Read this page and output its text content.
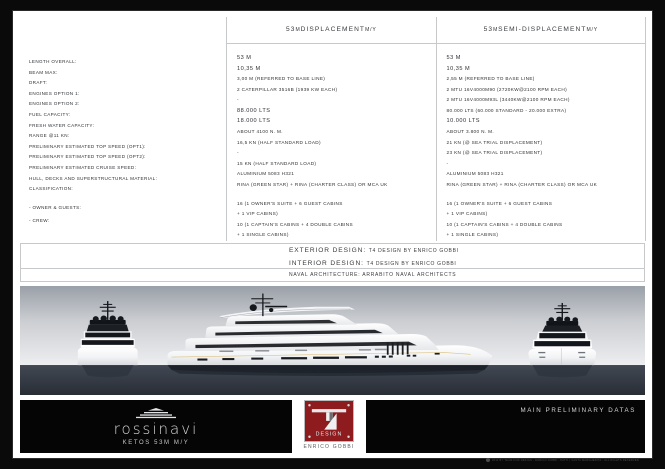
LENGTH OVERALL:
BEAM MAX:
DRAFT:
ENGINES OPTION 1:
ENGINES OPTION 2:
FUEL CAPACITY:
FRESH WATER CAPACITY:
RANGE @11 KN:
PRELIMINARY ESTIMATED TOP SPEED (OPT1):
PRELIMINARY ESTIMATED TOP SPEED (OPT2):
PRELIMINARY ESTIMATED CRUISE SPEED:
HULL, DECKS AND SUPERSTRUCTURAL MATERIAL:
CLASSIFICATION:
- OWNER & GUESTS:
- CREW:
53 M DISPLACEMENT M/Y
53 M
10,35 M
3,00 M (REFERRED TO BASE LINE)
2 CATERPILLAR 3516B (1939 KW EACH)
-
88.000 LTS
18.000 LTS
ABOUT 4100 N. M.
16,5 KN (HALF STANDARD LOAD)
-
15 KN (HALF STANDARD LOAD)
ALUMINIUM 5083 H321
RINA (GREEN STAR) + RINA (CHARTER CLASS) OR MCA UK
16 (1 OWNER'S SUITE + 6 GUEST CABINS
+ 1 VIP CABINS)
10 (1 CAPTAIN'S CABINS + 4 DOUBLE CABINS
+ 1 SINGLE CABINS)
53 M SEMI-DISPLACEMENT M/Y
53 M
10,35 M
2,55 M (REFERRED TO BASE LINE)
2 MTU 16V4000M90 (2720KW@2100 RPM EACH)
2 MTU 16V4000M93L (3440KW@2100 RPM EACH)
80.000 LTS (60.000 STANDARD - 20.000 EXTRA)
10.000 LTS
ABOUT 3.800 N. M.
21 KN (@ SEA TRIAL DISPLACEMENT)
23 KN (@ SEA TRIAL DISPLACEMENT)
-
ALUMINIUM 5083 H321
RINA (GREEN STAR) + RINA (CHARTER CLASS) OR MCA UK
16 (1 OWNER'S SUITE + 6 GUEST CABINS
+ 1 VIP CABINS)
10 (1 CAPTAIN'S CABINS + 4 DOUBLE CABINS
+ 1 SINGLE CABINS)
EXTERIOR DESIGN: T4 DESIGN BY ENRICO GOBBI
INTERIOR DESIGN: T4 DESIGN BY ENRICO GOBBI
NAVAL ARCHITECTURE: ARRABITO NAVAL ARCHITECTS
rossinavi
KETOS 53M M/Y
DESIGN
ENRICO GOBBI
MAIN PRELIMINARY DATAS
2011 BY TEAM FOR DESIGN - ENRICO GOBBI - PATTI | SANTA MARGHERITA - ALL RIGHTS RESERVED
